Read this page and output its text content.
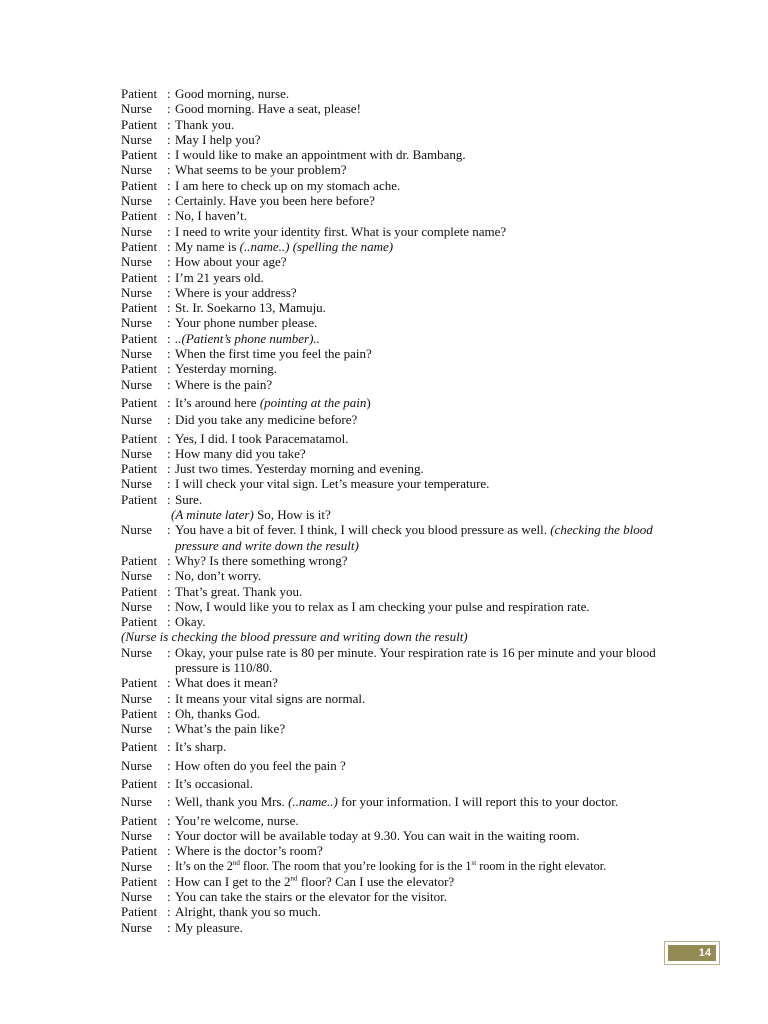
Patient : Good morning, nurse.
Nurse	: Good morning. Have a seat, please!
Patient : Thank you.
Nurse	: May I help you?
Patient : I would like to make an appointment with dr. Bambang.
Nurse	: What seems to be your problem?
Patient : I am here to check up on my stomach ache.
Nurse	: Certainly. Have you been here before?
Patient : No, I haven’t.
Nurse	: I need to write your identity first. What is your complete name?
Patient : My name is (..name..) (spelling the name)
Nurse	: How about your age?
Patient : I’m 21 years old.
Nurse	: Where is your address?
Patient : St. Ir. Soekarno 13, Mamuju.
Nurse	: Your phone number please.
Patient : ..(Patient’s phone number)..
Nurse	: When the first time you feel the pain?
Patient : Yesterday morning.
Nurse	: Where is the pain?
Patient : It’s around here (pointing at the pain)
Nurse	: Did you take any medicine before?
Patient : Yes, I did. I took Paracematamol.
Nurse	: How many did you take?
Patient : Just two times. Yesterday morning and evening.
Nurse	: I will check your vital sign. Let’s measure your temperature.
Patient : Sure.
(A minute later) So, How is it?
Nurse	: You have a bit of fever. I think, I will check you blood pressure as well. (checking the blood pressure and write down the result)
Patient : Why? Is there something wrong?
Nurse	: No, don’t worry.
Patient : That’s great. Thank you.
Nurse	: Now, I would like you to relax as I am checking your pulse and respiration rate.
Patient : Okay.
(Nurse is checking the blood pressure and writing down the result)
Nurse	: Okay, your pulse rate is 80 per minute. Your respiration rate is 16 per minute and your blood pressure is 110/80.
Patient : What does it mean?
Nurse	: It means your vital signs are normal.
Patient : Oh, thanks God.
Nurse	: What’s the pain like?
Patient : It’s sharp.
Nurse	: How often do you feel the pain ?
Patient : It’s occasional.
Nurse	: Well, thank you Mrs. (..name..) for your information. I will report this to your doctor.
Patient : You’re welcome, nurse.
Nurse	: Your doctor will be available today at 9.30. You can wait in the waiting room.
Patient : Where is the doctor’s room?
Nurse	: It’s on the 2nd floor. The room that you’re looking for is the 1st room in the right elevator.
Patient : How can I get to the 2nd floor? Can I use the elevator?
Nurse	: You can take the stairs or the elevator for the visitor.
Patient : Alright, thank you so much.
Nurse	: My pleasure.
14
